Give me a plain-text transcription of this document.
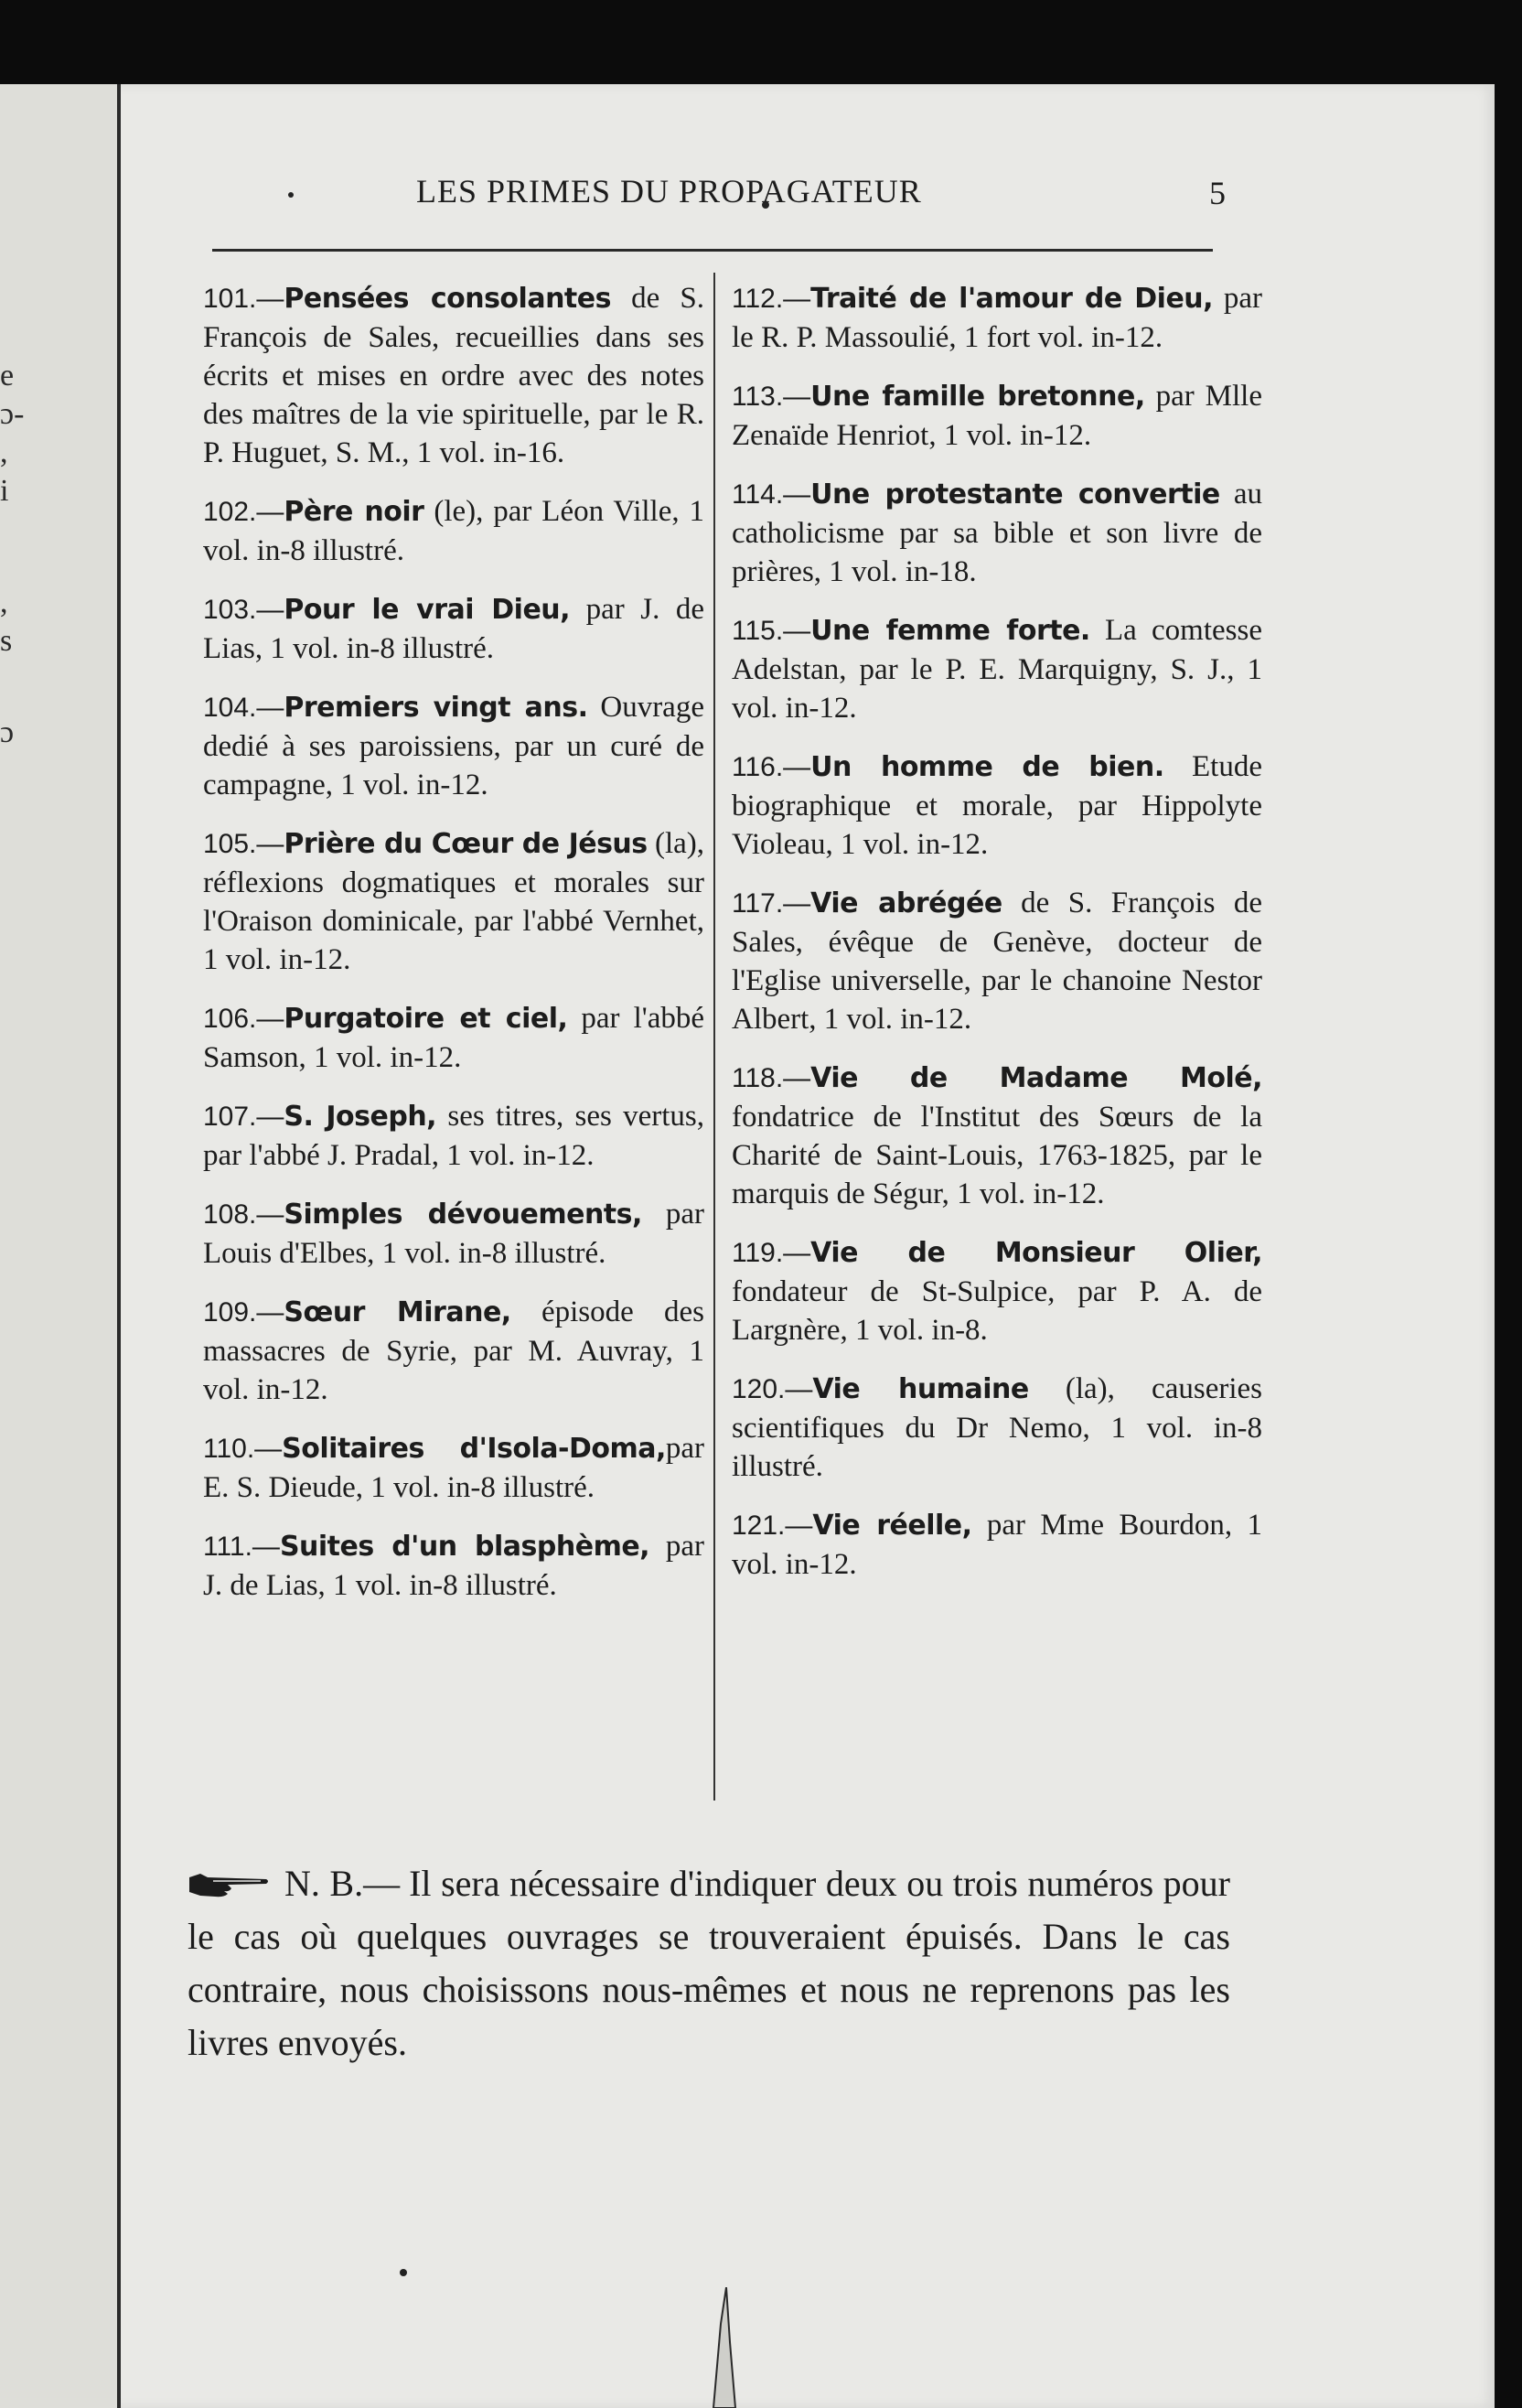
e
ɔ-
,
i
,
s
ɔ
LES PRIMES DU PROPAGATEUR	5

101.—Pensées consolantes de S. François de Sales, recueillies dans ses écrits et mises en ordre avec des notes des maîtres de la vie spirituelle, par le R. P. Huguet, S. M., 1 vol. in-16.

102.—Père noir (le), par Léon Ville, 1 vol. in-8 illustré.

103.—Pour le vrai Dieu, par J. de Lias, 1 vol. in-8 illustré.

104.—Premiers vingt ans. Ouvrage dedié à ses paroissiens, par un curé de campagne, 1 vol. in-12.

105.—Prière du Cœur de Jésus (la), réflexions dogmatiques et morales sur l'Oraison dominicale, par l'abbé Vernhet, 1 vol. in-12.

106.—Purgatoire et ciel, par l'abbé Samson, 1 vol. in-12.

107.—S. Joseph, ses titres, ses vertus, par l'abbé J. Pradal, 1 vol. in-12.

108.—Simples dévouements, par Louis d'Elbes, 1 vol. in-8 illustré.

109.—Sœur Mirane, épisode des massacres de Syrie, par M. Auvray, 1 vol. in-12.

110.—Solitaires d'Isola-Doma,par E. S. Dieude, 1 vol. in-8 illustré.

111.—Suites d'un blasphème, par J. de Lias, 1 vol. in-8 illustré.

112.—Traité de l'amour de Dieu, par le R. P. Massoulié, 1 fort vol. in-12.

113.—Une famille bretonne, par Mlle Zenaïde Henriot, 1 vol. in-12.

114.—Une protestante convertie au catholicisme par sa bible et son livre de prières, 1 vol. in-18.

115.—Une femme forte. La comtesse Adelstan, par le P. E. Marquigny, S. J., 1 vol. in-12.

116.—Un homme de bien. Etude biographique et morale, par Hippolyte Violeau, 1 vol. in-12.

117.—Vie abrégée de S. François de Sales, évêque de Genève, docteur de l'Eglise universelle, par le chanoine Nestor Albert, 1 vol. in-12.

118.—Vie de Madame Molé, fondatrice de l'Institut des Sœurs de la Charité de Saint-Louis, 1763-1825, par le marquis de Ségur, 1 vol. in-12.

119.—Vie de Monsieur Olier, fondateur de St-Sulpice, par P. A. de Largnère, 1 vol. in-8.

120.—Vie humaine (la), causeries scientifiques du Dr Nemo, 1 vol. in-8 illustré.

121.—Vie réelle, par Mme Bourdon, 1 vol. in-12.

N. B.— Il sera nécessaire d'indiquer deux ou trois numéros pour le cas où quelques ouvrages se trouveraient épuisés. Dans le cas contraire, nous choisissons nous-mêmes et nous ne reprenons pas les livres envoyés.
